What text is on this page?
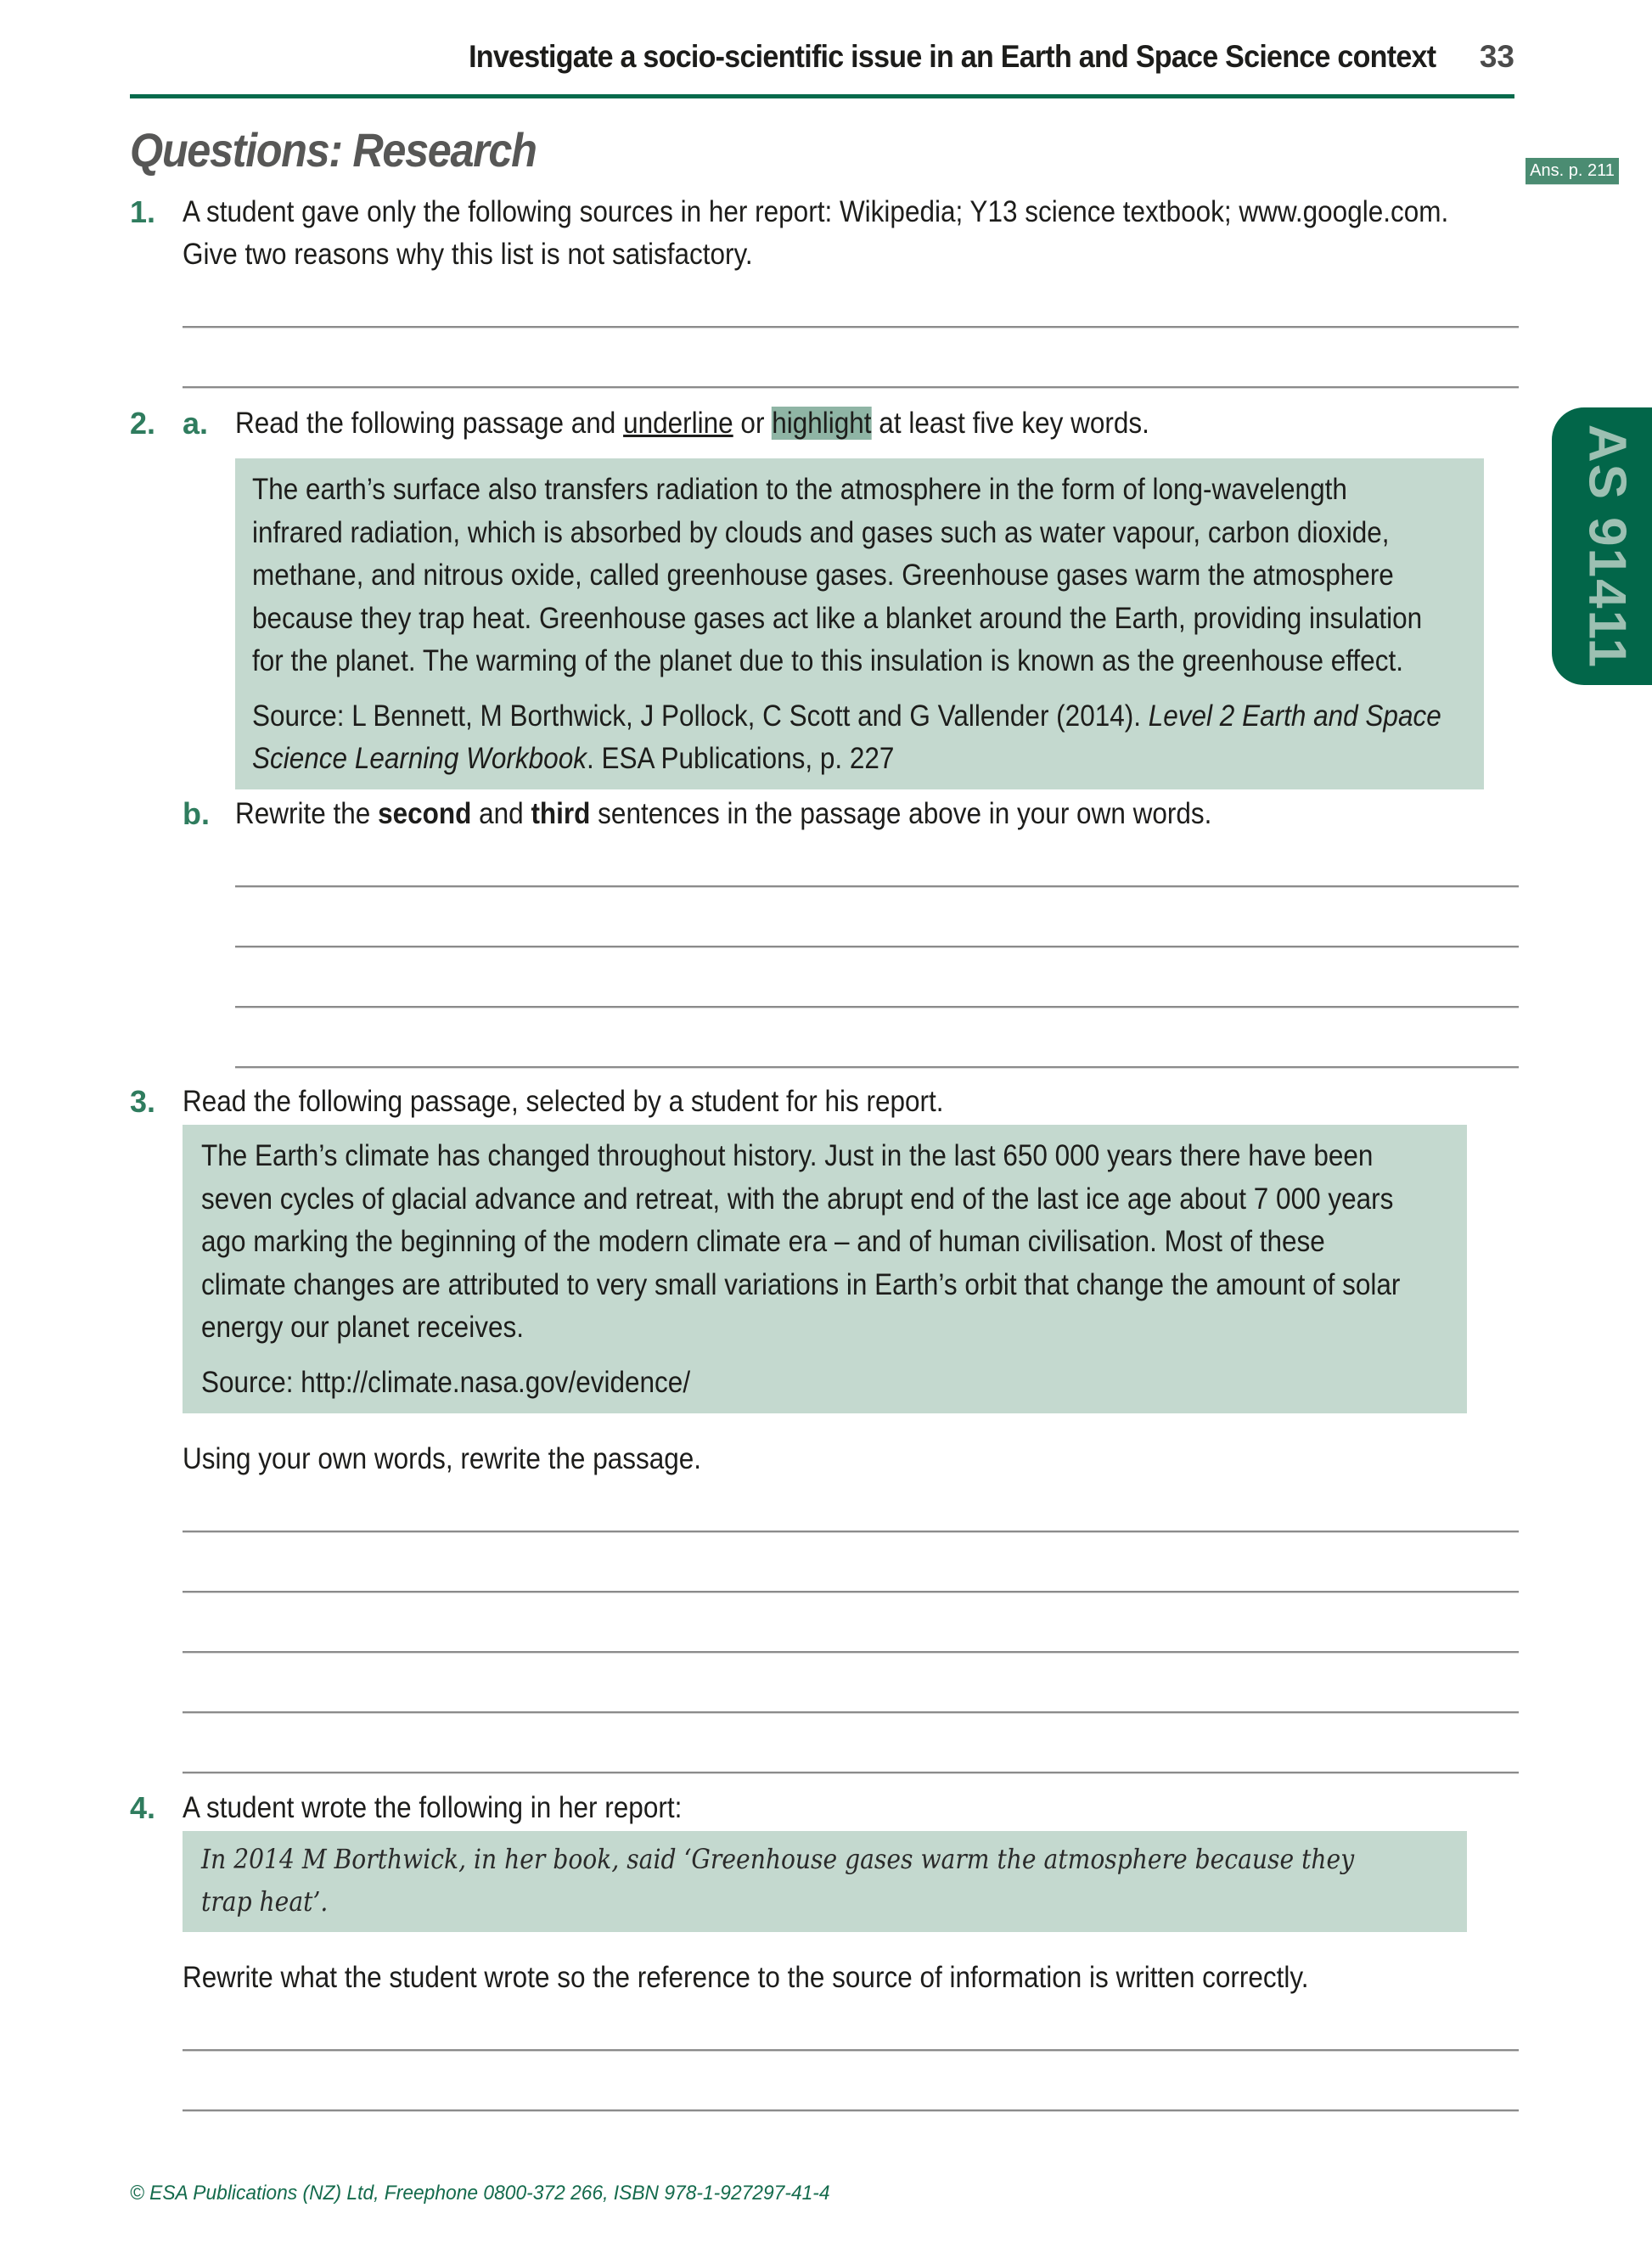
Investigate a socio-scientific issue in an Earth and Space Science context 33
Questions: Research	Ans. p. 211
AS 91411
1. A student gave only the following sources in her report: Wikipedia; Y13 science textbook; www.google.com.
Give two reasons why this list is not satisfactory.
2. a. Read the following passage and underline or highlight at least five key words.

The earth’s surface also transfers radiation to the atmosphere in the form of long-wavelength

infrared radiation, which is absorbed by clouds and gases such as water vapour, carbon dioxide,

methane, and nitrous oxide, called greenhouse gases. Greenhouse gases warm the atmosphere

because they trap heat. Greenhouse gases act like a blanket around the Earth, providing insulation

for the planet. The warming of the planet due to this insulation is known as the greenhouse effect.

Source: L Bennett, M Borthwick, J Pollock, C Scott and G Vallender (2014). Level 2 Earth and Space

Science Learning Workbook. ESA Publications, p. 227

b. Rewrite the second and third sentences in the passage above in your own words.
3. Read the following passage, selected by a student for his report.

The Earth’s climate has changed throughout history. Just in the last 650 000 years there have been

seven cycles of glacial advance and retreat, with the abrupt end of the last ice age about 7 000 years

ago marking the beginning of the modern climate era – and of human civilisation. Most of these

climate changes are attributed to very small variations in Earth’s orbit that change the amount of solar

energy our planet receives.

Source: http://climate.nasa.gov/evidence/

Using your own words, rewrite the passage.
4. A student wrote the following in her report:
In 2014 M Borthwick, in her book, said ‘Greenhouse gases warm the atmosphere because they
trap heat’.
Rewrite what the student wrote so the reference to the source of information is written correctly.
© ESA Publications (NZ) Ltd, Freephone 0800-372 266, ISBN 978-1-927297-41-4
